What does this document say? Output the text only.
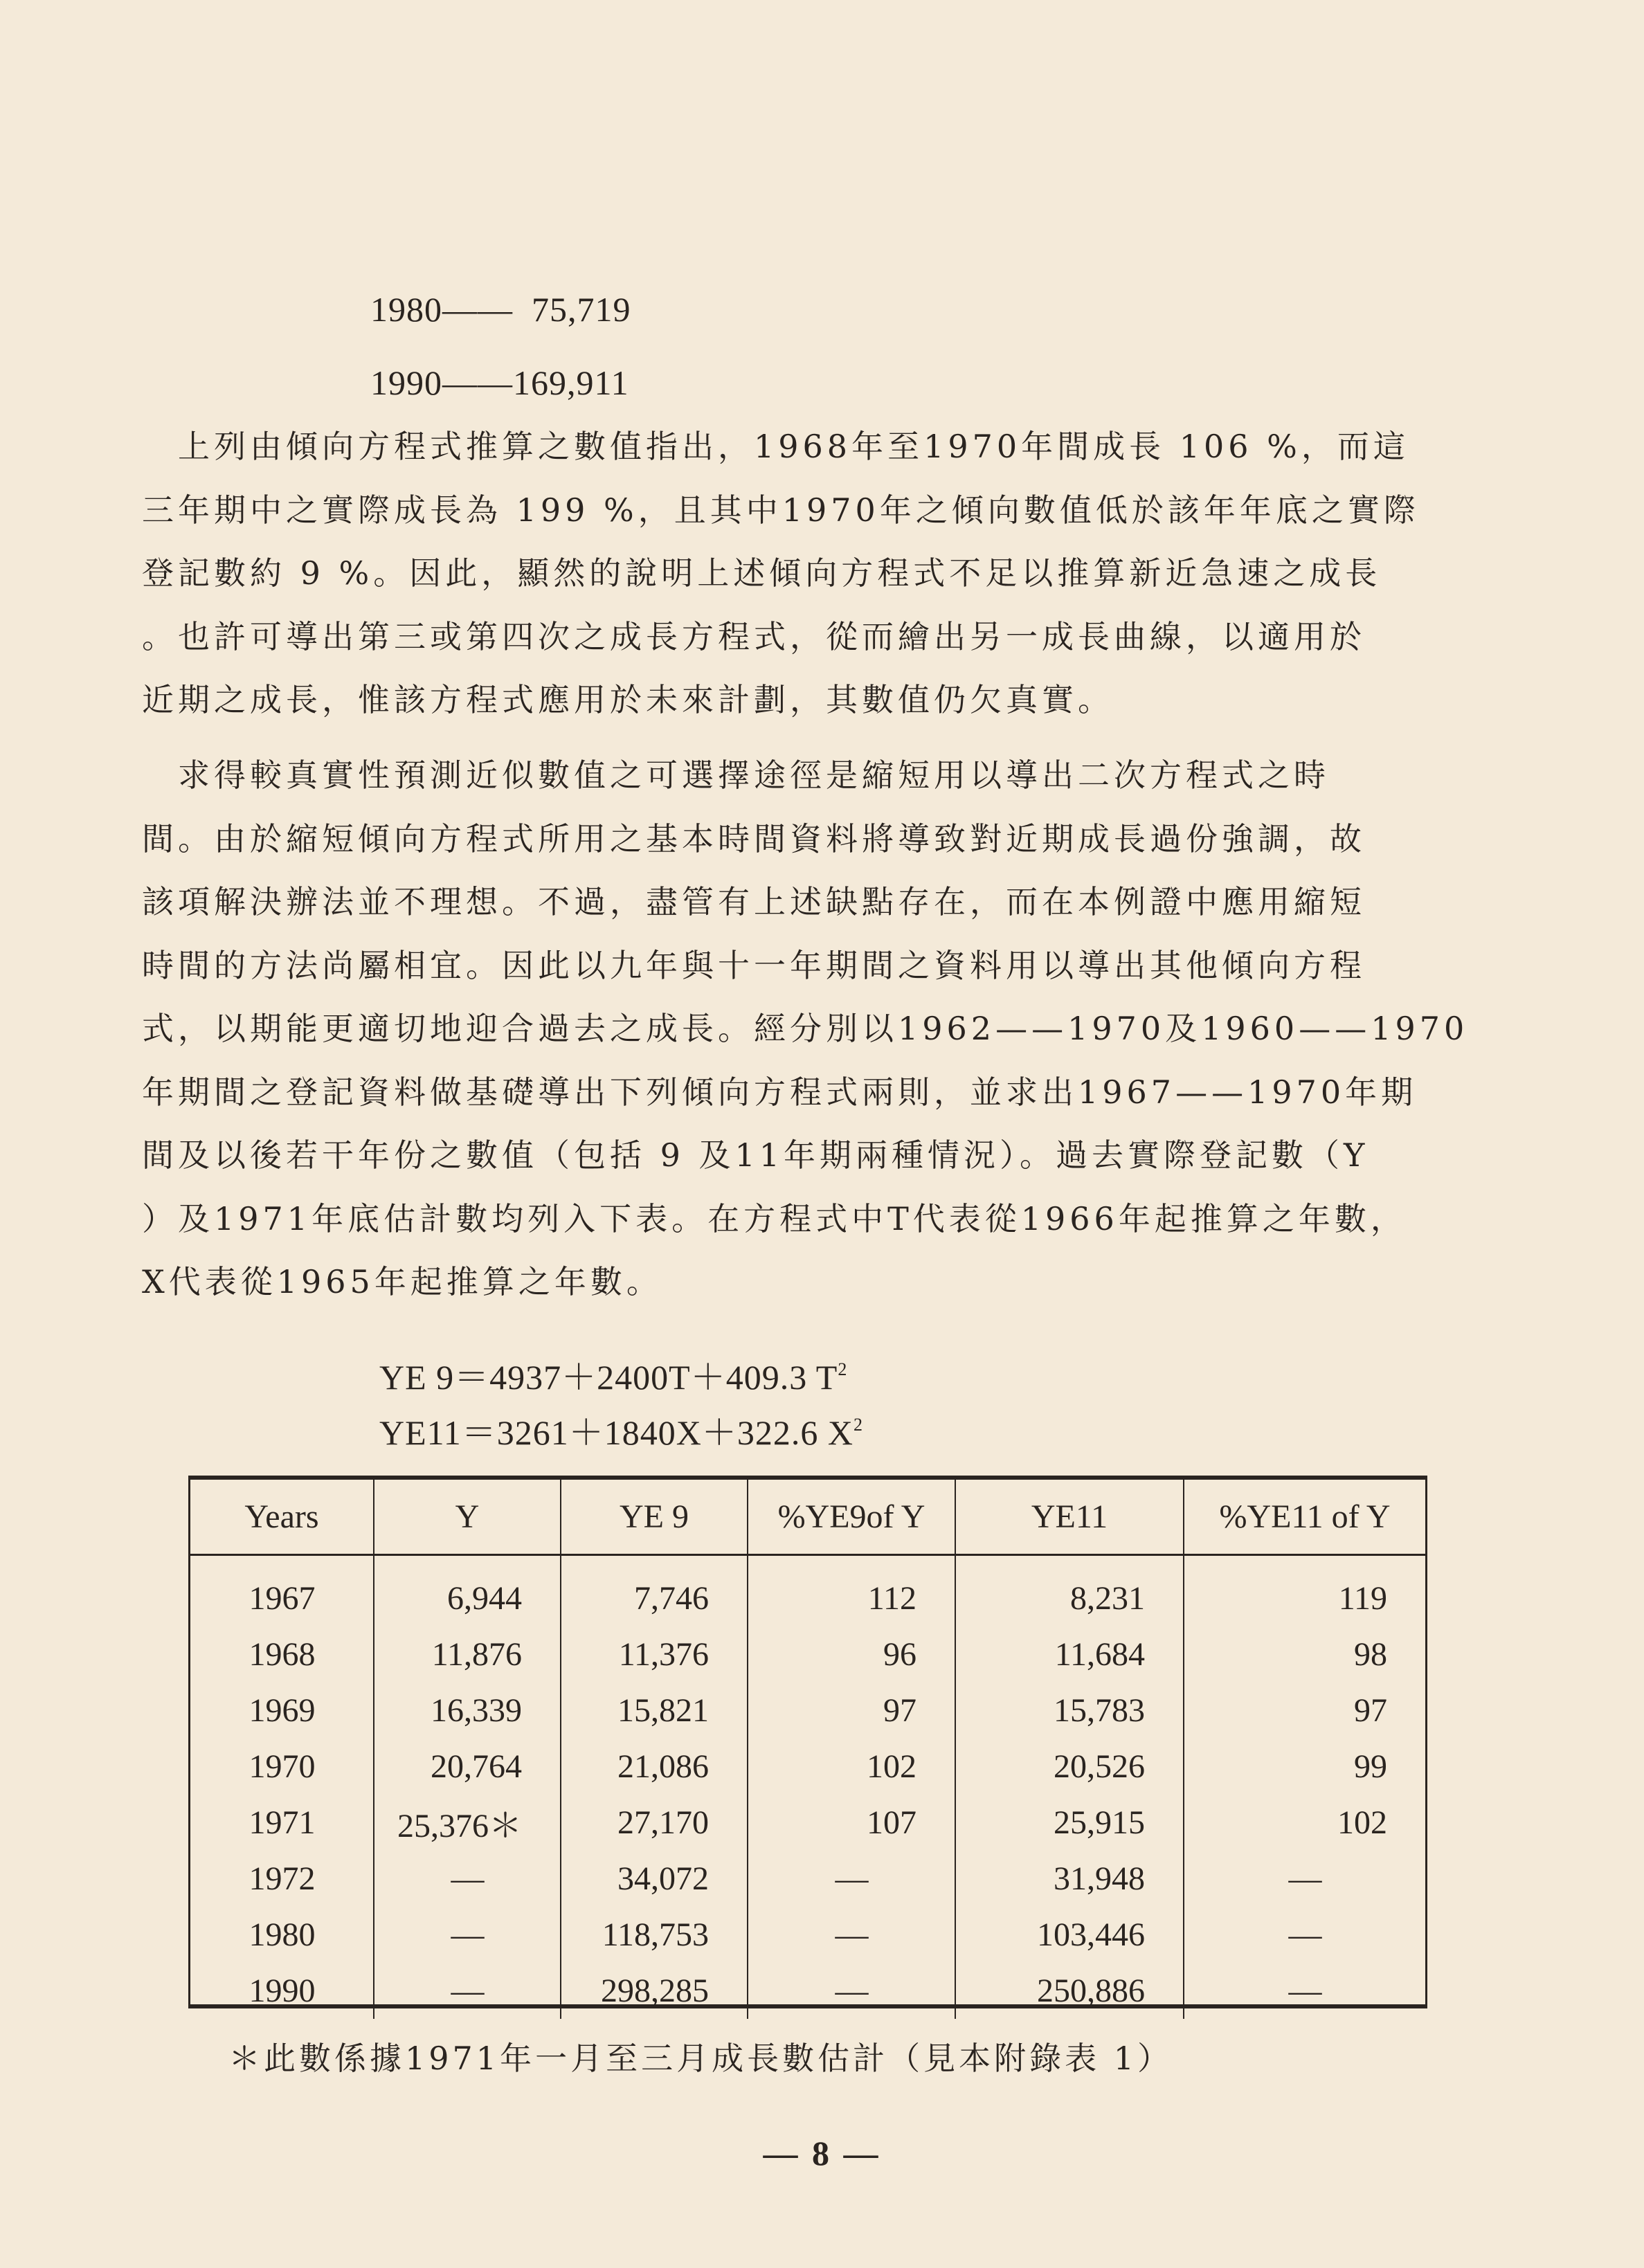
1980—— 75,719
1990——169,911

　上列由傾向方程式推算之數值指出，1968年至1970年間成長 106 %，而這

三年期中之實際成長為 199 %，且其中1970年之傾向數值低於該年年底之實際

登記數約 9 %。因此，顯然的說明上述傾向方程式不足以推算新近急速之成長

。也許可導出第三或第四次之成長方程式，從而繪出另一成長曲線，以適用於

近期之成長，惟該方程式應用於未來計劃，其數值仍欠真實。

　求得較真實性預測近似數值之可選擇途徑是縮短用以導出二次方程式之時

間。由於縮短傾向方程式所用之基本時間資料將導致對近期成長過份強調，故

該項解決辦法並不理想。不過，盡管有上述缺點存在，而在本例證中應用縮短

時間的方法尚屬相宜。因此以九年與十一年期間之資料用以導出其他傾向方程

式，以期能更適切地迎合過去之成長。經分別以1962——1970及1960——1970

年期間之登記資料做基礎導出下列傾向方程式兩則，並求出1967——1970年期

間及以後若干年份之數值（包括 9 及11年期兩種情況）。過去實際登記數（Y

）及1971年底估計數均列入下表。在方程式中T代表從1966年起推算之年數，

X代表從1965年起推算之年數。

YE 9＝4937＋2400T＋409.3 $T^2$
YE11＝3261＋1840X＋322.6 $X^2$
Years	Y	YE 9	%YE9of Y	YE11	%YE11 of Y
1967	6,944	7,746	112	8,231	119
1968	11,876	11,376	96	11,684	98
1969	16,339	15,821	97	15,783	97
1970	20,764	21,086	102	20,526	99
1971	25,376＊	27,170	107	25,915	102
1972	—	34,072	—	31,948	—
1980	—	118,753	—	103,446	—
1990	—	298,285	—	250,886	—
＊此數係據1971年一月至三月成長數估計（見本附錄表 1）
— 8 —
